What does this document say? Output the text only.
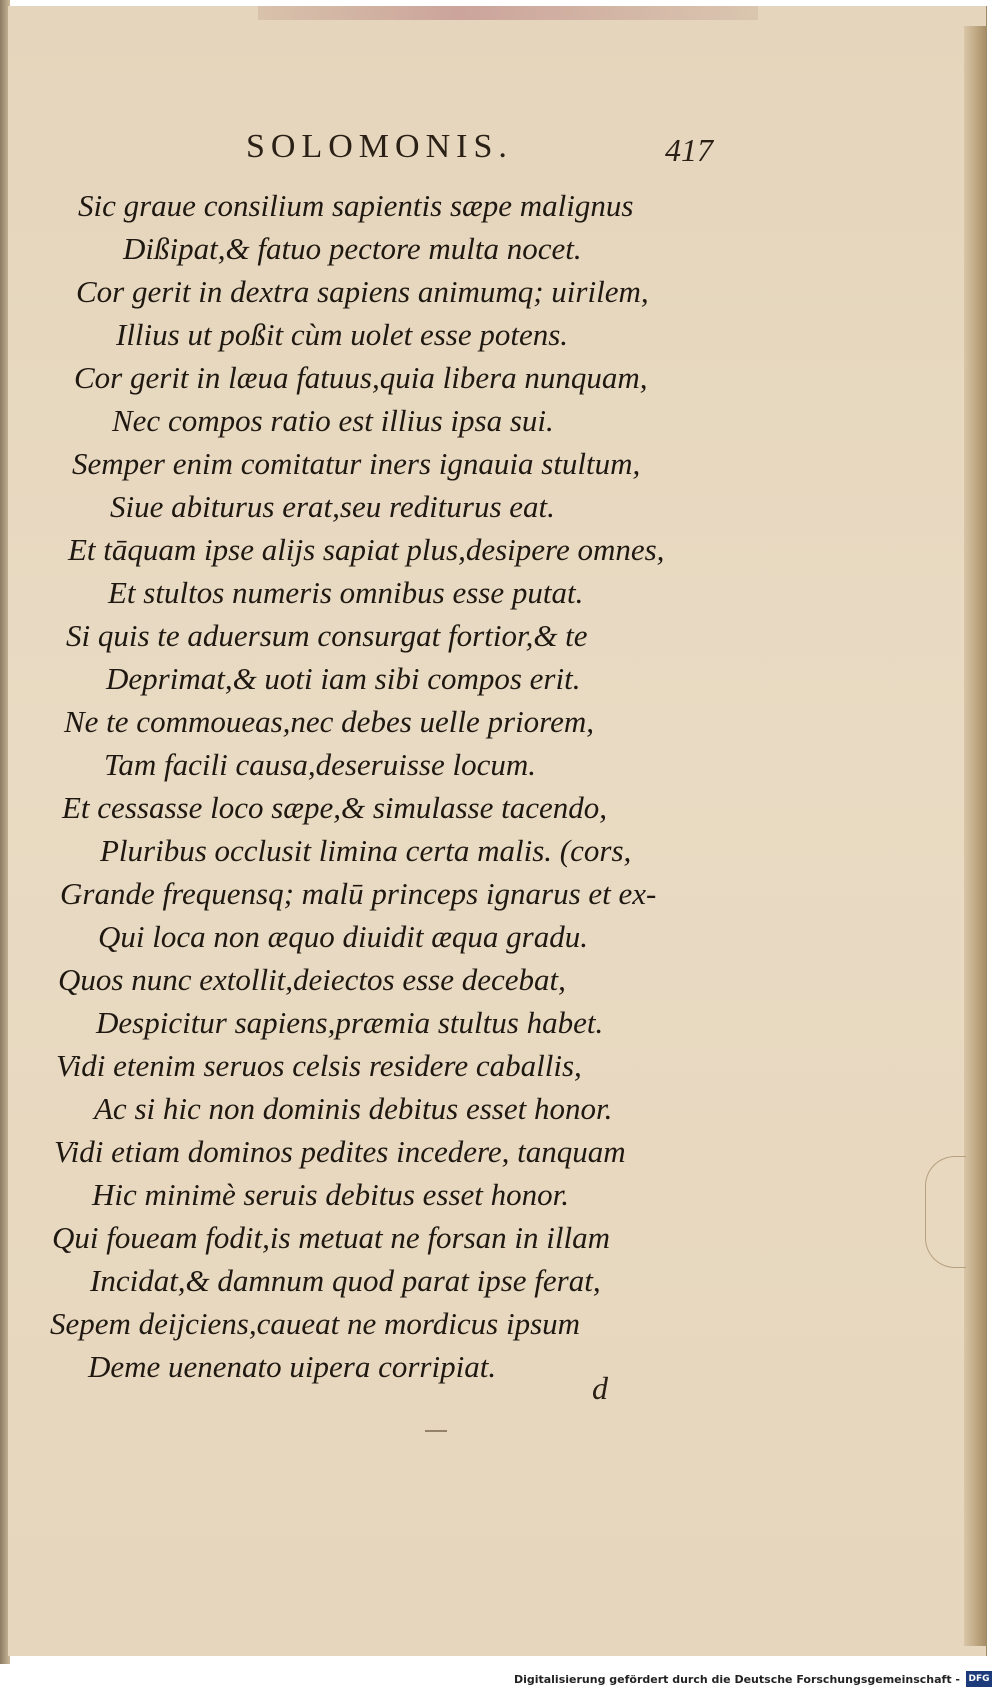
SOLOMONIS.	417
Sic graue consilium sapientis sæpe malignus
Dißipat,& fatuo pectore multa nocet.
Cor gerit in dextra sapiens animumq; uirilem,
Illius ut poßit cùm uolet esse potens.
Cor gerit in læua fatuus,quia libera nunquam,
Nec compos ratio est illius ipsa sui.
Semper enim comitatur iners ignauia stultum,
Siue abiturus erat,seu rediturus eat.
Et tāquam ipse alijs sapiat plus,desipere omnes,
Et stultos numeris omnibus esse putat.
Si quis te aduersum consurgat fortior,& te
Deprimat,& uoti iam sibi compos erit.
Ne te commoueas,nec debes uelle priorem,
Tam facili causa,deseruisse locum.
Et cessasse loco sæpe,& simulasse tacendo,
Pluribus occlusit limina certa malis. (cors,
Grande frequensq; malū princeps ignarus et ex-
Qui loca non æquo diuidit æqua gradu.
Quos nunc extollit,deiectos esse decebat,
Despicitur sapiens,præmia stultus habet.
Vidi etenim seruos celsis residere caballis,
Ac si hic non dominis debitus esset honor.
Vidi etiam dominos pedites incedere, tanquam
Hic minimè seruis debitus esset honor.
Qui foueam fodit,is metuat ne forsan in illam
Incidat,& damnum quod parat ipse ferat,
Sepem deijciens,caueat ne mordicus ipsum
Deme uenenato uipera corripiat.
d
Digitalisierung gefördert durch die Deutsche Forschungsgemeinschaft - DFG
